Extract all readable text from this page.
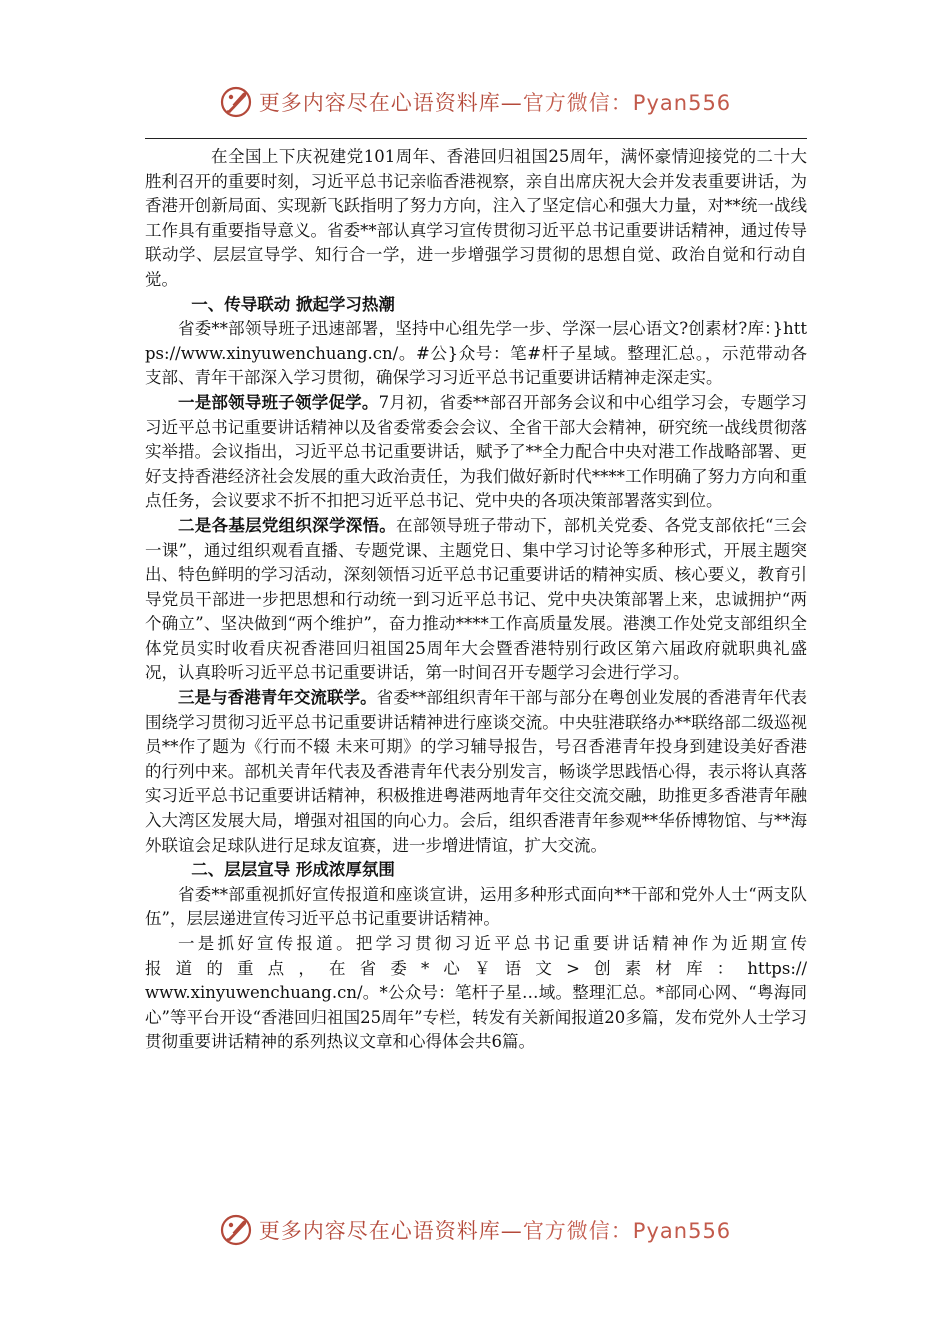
更多内容尽在心语资料库— 官方微信：Pyan556

在全国上下庆祝建党101周年、香港回归祖国25周年，满怀豪情迎接党的二十大胜利召开的重要时刻，习近平总书记亲临香港视察，亲自出席庆祝大会并发表重要讲话，为香港开创新局面、实现新飞跃指明了努力方向，注入了坚定信心和强大力量，对**统一战线工作具有重要指导意义。省委**部认真学习宣传贯彻习近平总书记重要讲话精神，通过传导联动学、层层宣导学、知行合一学，进一步增强学习贯彻的思想自觉、政治自觉和行动自觉。

一、传导联动 掀起学习热潮

省委**部领导班子迅速部署，坚持中心组先学一步、学深一层心语文?创素材?库：}https://www.xinyuwenchuang.cn/。#公}众号：笔#杆子星域。整理汇总。，示范带动各支部、青年干部深入学习贯彻，确保学习习近平总书记重要讲话精神走深走实。

一是部领导班子领学促学。7月初，省委**部召开部务会议和中心组学习会，专题学习习近平总书记重要讲话精神以及省委常委会会议、全省干部大会精神，研究统一战线贯彻落实举措。会议指出，习近平总书记重要讲话，赋予了**全力配合中央对港工作战略部署、更好支持香港经济社会发展的重大政治责任，为我们做好新时代****工作明确了努力方向和重点任务，会议要求不折不扣把习近平总书记、党中央的各项决策部署落实到位。

二是各基层党组织深学深悟。在部领导班子带动下，部机关党委、各党支部依托“三会一课”，通过组织观看直播、专题党课、主题党日、集中学习讨论等多种形式，开展主题突出、特色鲜明的学习活动，深刻领悟习近平总书记重要讲话的精神实质、核心要义，教育引导党员干部进一步把思想和行动统一到习近平总书记、党中央决策部署上来，忠诚拥护“两个确立”、坚决做到“两个维护”，奋力推动****工作高质量发展。港澳工作处党支部组织全体党员实时收看庆祝香港回归祖国25周年大会暨香港特别行政区第六届政府就职典礼盛况，认真聆听习近平总书记重要讲话，第一时间召开专题学习会进行学习。

三是与香港青年交流联学。省委**部组织青年干部与部分在粤创业发展的香港青年代表围绕学习贯彻习近平总书记重要讲话精神进行座谈交流。中央驻港联络办**联络部二级巡视员**作了题为《行而不辍 未来可期》的学习辅导报告，号召香港青年投身到建设美好香港的行列中来。部机关青年代表及香港青年代表分别发言，畅谈学思践悟心得，表示将认真落实习近平总书记重要讲话精神，积极推进粤港两地青年交往交流交融，助推更多香港青年融入大湾区发展大局，增强对祖国的向心力。会后，组织香港青年参观**华侨博物馆、与**海外联谊会足球队进行足球友谊赛，进一步增进情谊，扩大交流。

二、层层宣导 形成浓厚氛围

省委**部重视抓好宣传报道和座谈宣讲，运用多种形式面向**干部和党外人士“两支队伍”，层层递进宣传习近平总书记重要讲话精神。

一是抓好宣传报道。把学习贯彻习近平总书记重要讲话精神作为近期宣传

报道的重点，在省委*心￥语文>创素材库：https://

www.xinyuwenchuang.cn/。*公众号：笔杆子星…域。整理汇总。*部同心网、“粤海同心”等平台开设“香港回归祖国25周年”专栏，转发有关新闻报道20多篇，发布党外人士学习贯彻重要讲话精神的系列热议文章和心得体会共6篇。

更多内容尽在心语资料库— 官方微信：Pyan556
